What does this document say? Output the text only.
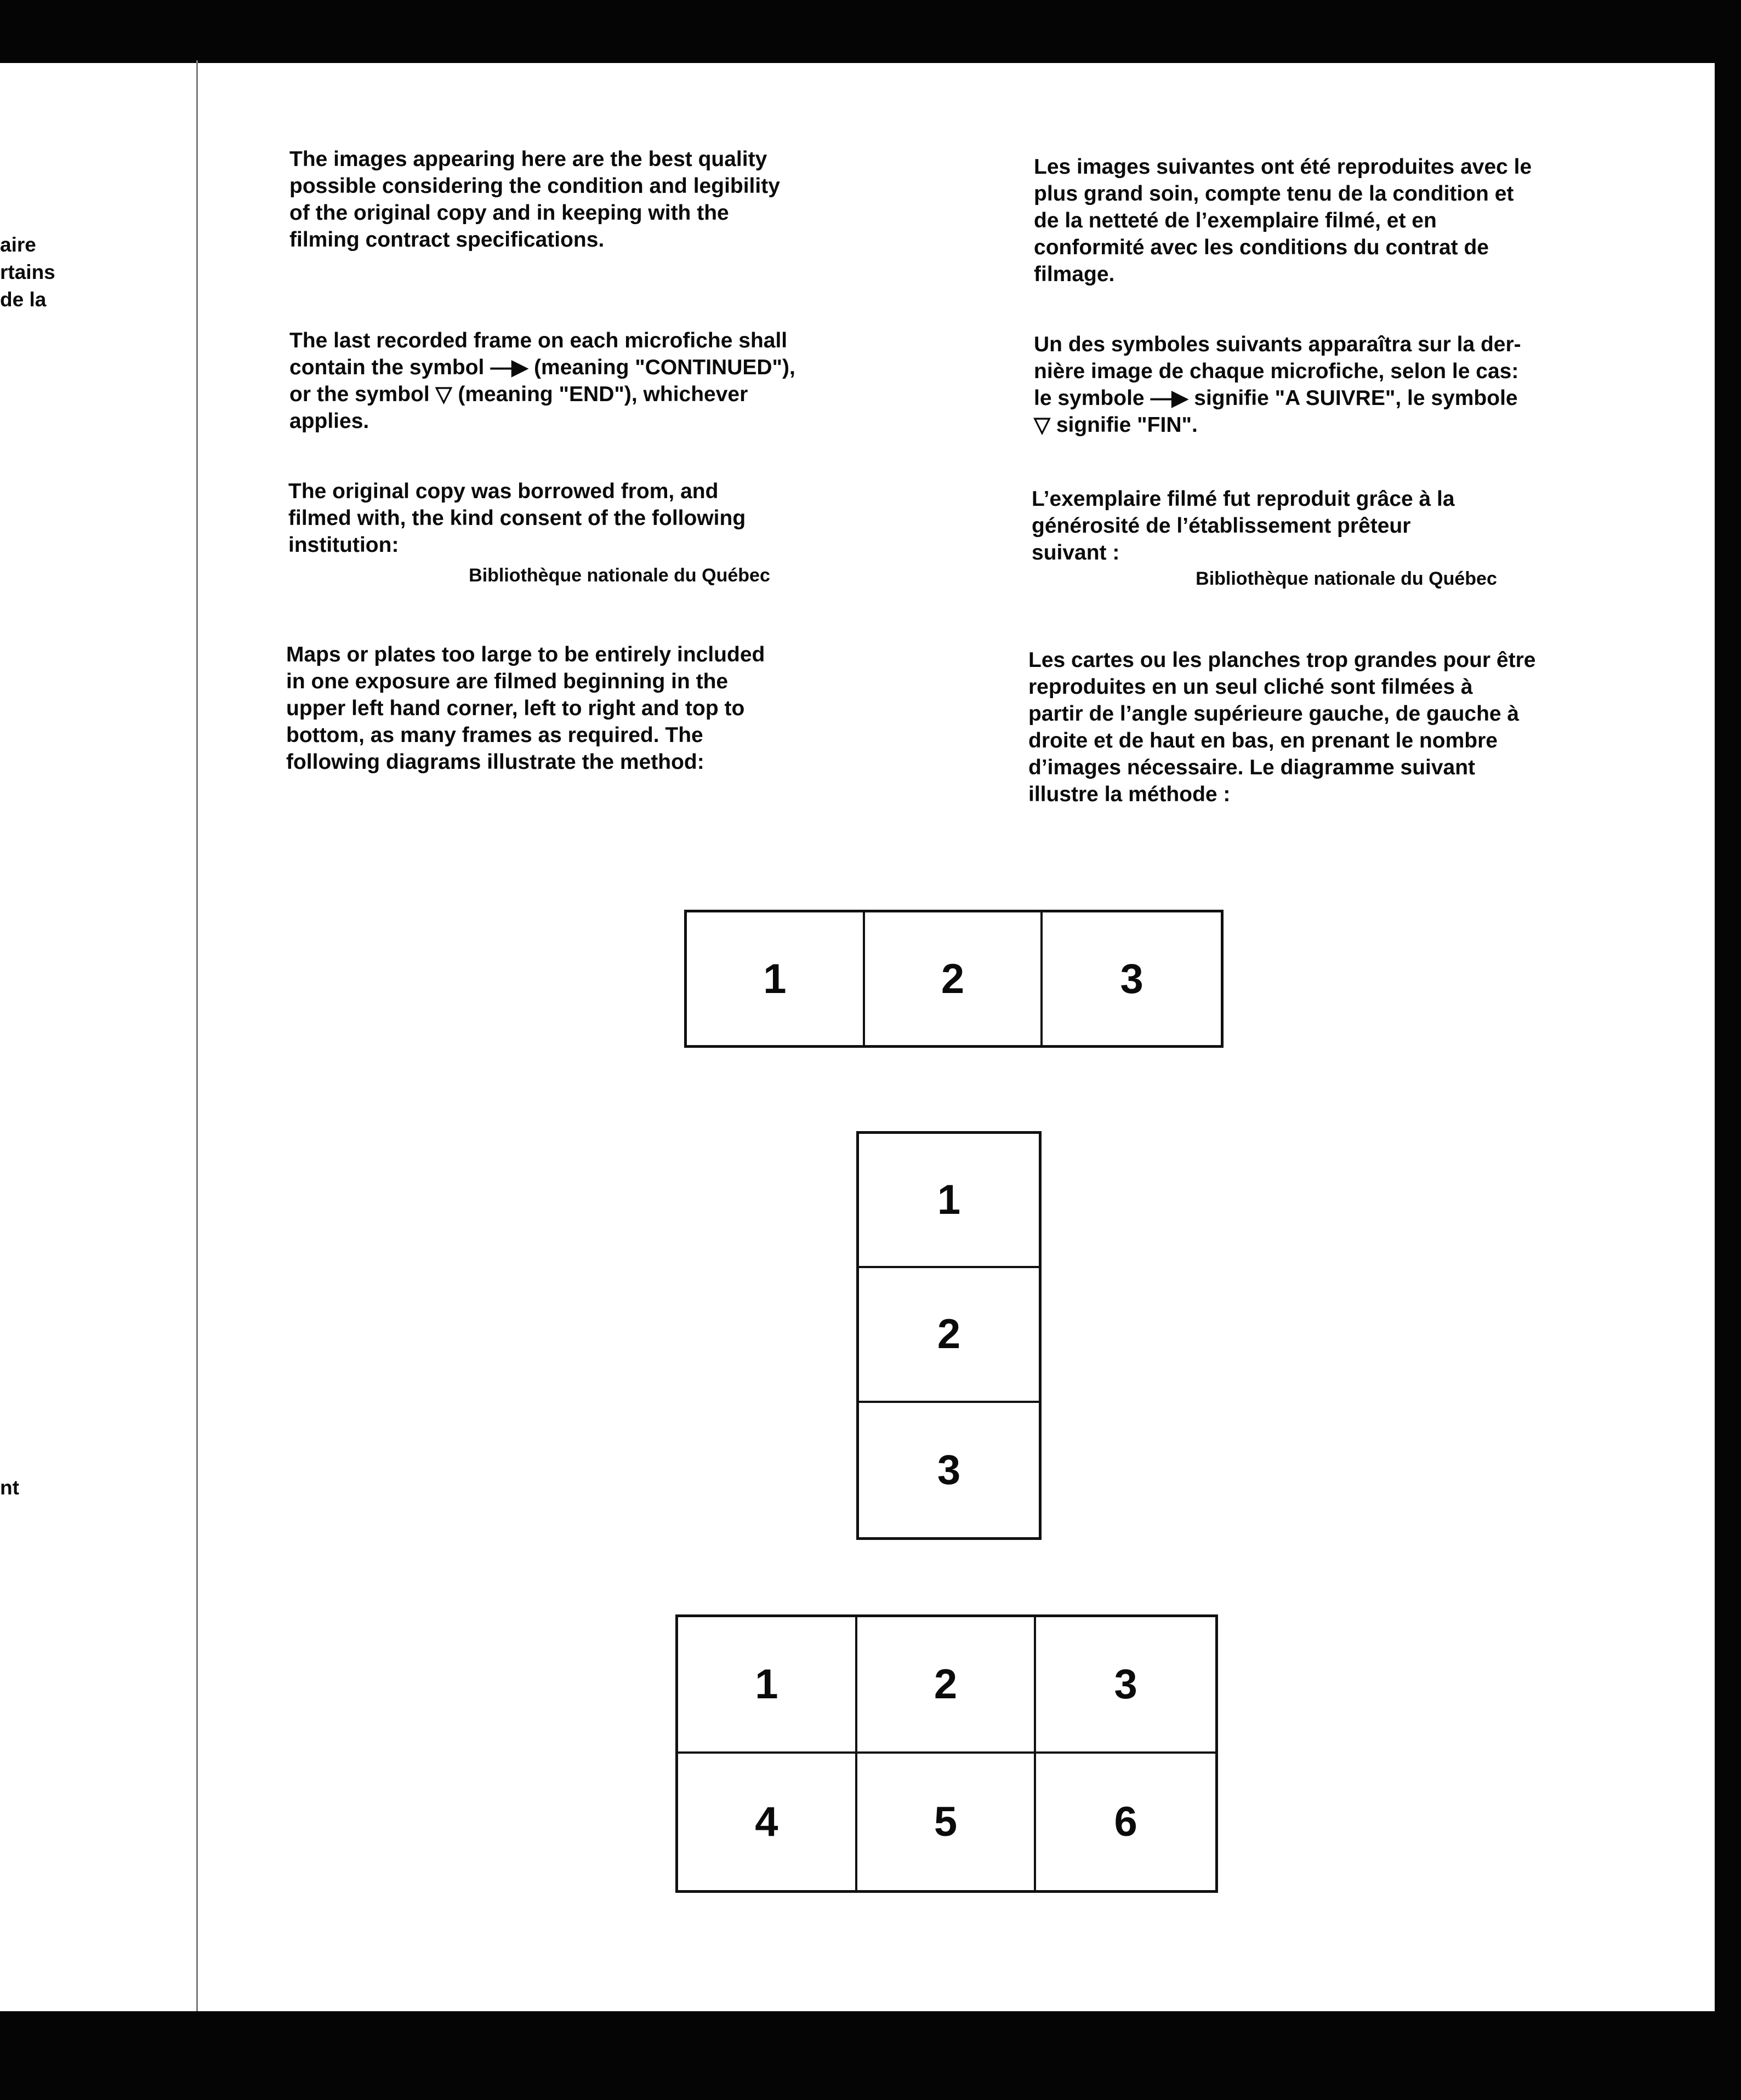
aire
rtains
de la
nt

The images appearing here are the best quality
possible considering the condition and legibility
of the original copy and in keeping with the
filming contract specifications.

The last recorded frame on each microfiche shall
contain the symbol —▶ (meaning "CONTINUED"),
or the symbol ▽ (meaning "END"), whichever
applies.

The original copy was borrowed from, and
filmed with, the kind consent of the following
institution:

Bibliothèque nationale du Québec

Maps or plates too large to be entirely included
in one exposure are filmed beginning in the
upper left hand corner, left to right and top to
bottom, as many frames as required. The
following diagrams illustrate the method:

Les images suivantes ont été reproduites avec le
plus grand soin, compte tenu de la condition et
de la netteté de l’exemplaire filmé, et en
conformité avec les conditions du contrat de
filmage.

Un des symboles suivants apparaîtra sur la der-
nière image de chaque microfiche, selon le cas:
le symbole —▶ signifie "A SUIVRE", le symbole
▽ signifie "FIN".

L’exemplaire filmé fut reproduit grâce à la
générosité de l’établissement prêteur
suivant :

Bibliothèque nationale du Québec

Les cartes ou les planches trop grandes pour être
reproduites en un seul cliché sont filmées à
partir de l’angle supérieure gauche, de gauche à
droite et de haut en bas, en prenant le nombre
d’images nécessaire. Le diagramme suivant
illustre la méthode :

1	2	3
1
2
3
1	2	3
4	5	6
